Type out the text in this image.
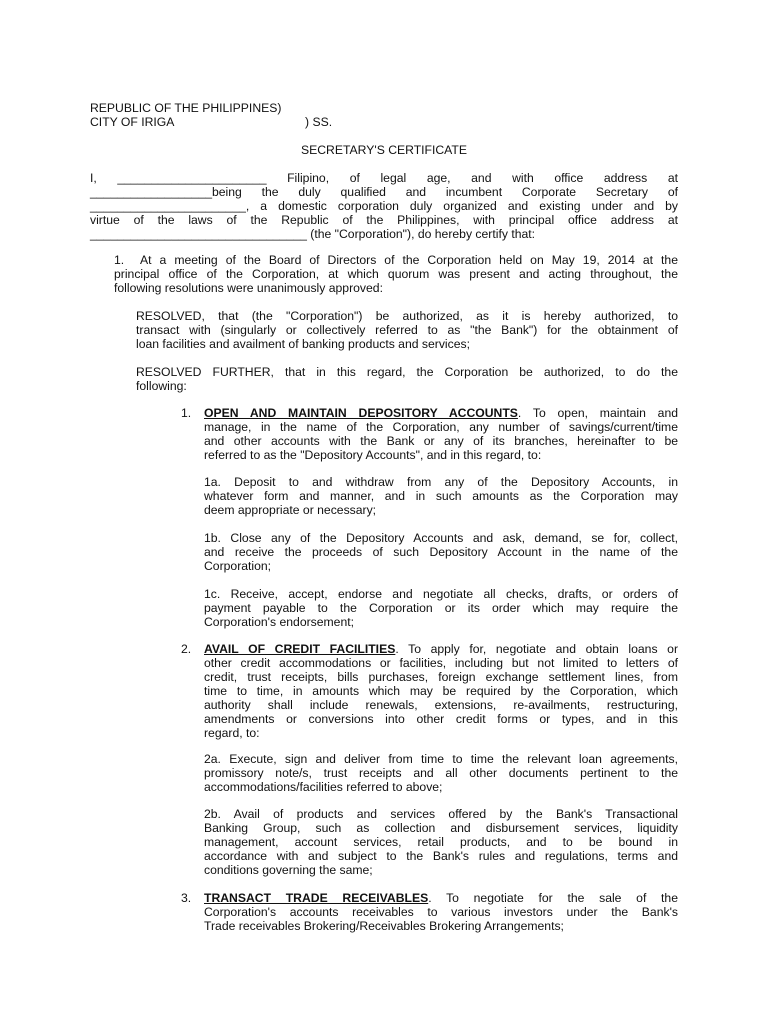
REPUBLIC OF THE PHILIPPINES)
CITY OF IRIGA	) SS.
SECRETARY'S CERTIFICATE
I, ______________________ Filipino, of legal age, and with office address at
__________________being the duly qualified and incumbent Corporate Secretary of
_______________________, a domestic corporation duly organized and existing under and by
virtue of the laws of the Republic of the Philippines, with principal office address at
________________________________ (the "Corporation"), do hereby certify that:
1. At a meeting of the Board of Directors of the Corporation held on May 19, 2014 at the
principal office of the Corporation, at which quorum was present and acting throughout, the
following resolutions were unanimously approved:
RESOLVED, that (the "Corporation") be authorized, as it is hereby authorized, to
transact with (singularly or collectively referred to as "the Bank") for the obtainment of
loan facilities and availment of banking products and services;
RESOLVED FURTHER, that in this regard, the Corporation be authorized, to do the
following:
1. OPEN AND MAINTAIN DEPOSITORY ACCOUNTS. To open, maintain and
manage, in the name of the Corporation, any number of savings/current/time
and other accounts with the Bank or any of its branches, hereinafter to be
referred to as the "Depository Accounts", and in this regard, to:
1a. Deposit to and withdraw from any of the Depository Accounts, in
whatever form and manner, and in such amounts as the Corporation may
deem appropriate or necessary;
1b. Close any of the Depository Accounts and ask, demand, se for, collect,
and receive the proceeds of such Depository Account in the name of the
Corporation;
1c. Receive, accept, endorse and negotiate all checks, drafts, or orders of
payment payable to the Corporation or its order which may require the
Corporation's endorsement;
2. AVAIL OF CREDIT FACILITIES. To apply for, negotiate and obtain loans or
other credit accommodations or facilities, including but not limited to letters of
credit, trust receipts, bills purchases, foreign exchange settlement lines, from
time to time, in amounts which may be required by the Corporation, which
authority shall include renewals, extensions, re-availments, restructuring,
amendments or conversions into other credit forms or types, and in this
regard, to:
2a. Execute, sign and deliver from time to time the relevant loan agreements,
promissory note/s, trust receipts and all other documents pertinent to the
accommodations/facilities referred to above;
2b. Avail of products and services offered by the Bank's Transactional
Banking Group, such as collection and disbursement services, liquidity
management, account services, retail products, and to be bound in
accordance with and subject to the Bank's rules and regulations, terms and
conditions governing the same;
3. TRANSACT TRADE RECEIVABLES. To negotiate for the sale of the
Corporation's accounts receivables to various investors under the Bank's
Trade receivables Brokering/Receivables Brokering Arrangements;
